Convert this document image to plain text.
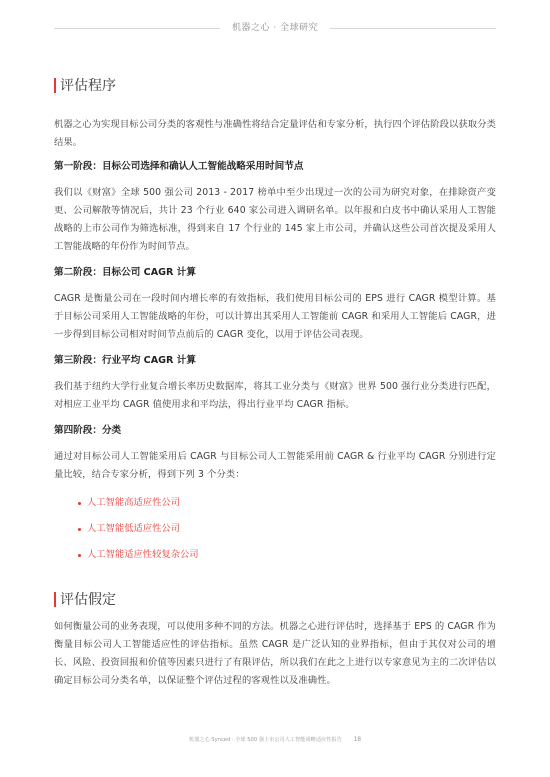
机器之心 · 全球研究
评估程序

机器之心为实现目标公司分类的客观性与准确性将结合定量评估和专家分析，执行四个评估阶段以获取分类结果。

第一阶段：目标公司选择和确认人工智能战略采用时间节点

我们以《财富》全球 500 强公司 2013 - 2017 榜单中至少出现过一次的公司为研究对象，在排除资产变更、公司解散等情况后，共计 23 个行业 640 家公司进入调研名单。以年报和白皮书中确认采用人工智能战略的上市公司作为筛选标准，得到来自 17 个行业的 145 家上市公司，并确认这些公司首次提及采用人工智能战略的年份作为时间节点。

第二阶段：目标公司 CAGR 计算

CAGR 是衡量公司在一段时间内增长率的有效指标，我们使用目标公司的 EPS 进行 CAGR 模型计算。基于目标公司采用人工智能战略的年份，可以计算出其采用人工智能前 CAGR 和采用人工智能后 CAGR，进一步得到目标公司相对时间节点前后的 CAGR 变化，以用于评估公司表现。

第三阶段：行业平均 CAGR 计算

我们基于纽约大学行业复合增长率历史数据库，将其工业分类与《财富》世界 500 强行业分类进行匹配，对相应工业平均 CAGR 值使用求和平均法，得出行业平均 CAGR 指标。

第四阶段：分类

通过对目标公司人工智能采用后 CAGR 与目标公司人工智能采用前 CAGR & 行业平均 CAGR 分别进行定量比较，结合专家分析，得到下列 3 个分类：

人工智能高适应性公司
人工智能低适应性公司
人工智能适应性较复杂公司
评估假定

如何衡量公司的业务表现，可以使用多种不同的方法。机器之心进行评估时，选择基于 EPS 的 CAGR 作为衡量目标公司人工智能适应性的评估指标。虽然 CAGR 是广泛认知的业界指标，但由于其仅对公司的增长、风险、投资回报和价值等因素只进行了有限评估，所以我们在此之上进行以专家意见为主的二次评估以确定目标公司分类名单，以保证整个评估过程的客观性以及准确性。

机器之心 Synced · 全球 500 强上市公司人工智能战略适应性报告 18
